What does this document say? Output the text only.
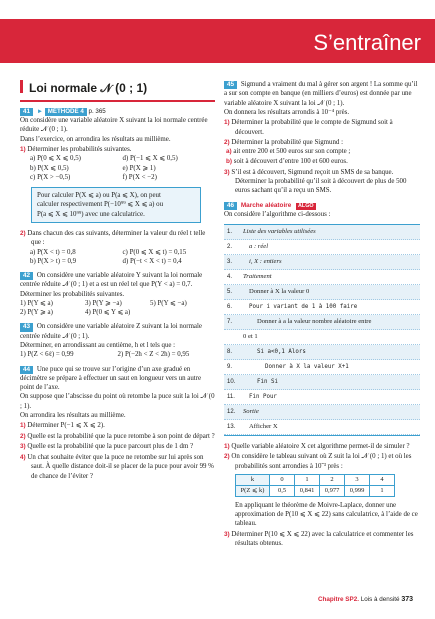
S’entraîner
Loi normale 𝒩 (0 ; 1)

41 ► MÉTHODE 4 p. 365

On considère une variable aléatoire X suivant la loi normale centrée réduite 𝒩 (0 ; 1).

Dans l’exercice, on arrondira les résultats au millième.

1) Déterminer les probabilités suivantes.

a) P(0 ⩽ X ⩽ 0,5)	d) P(−1 ⩽ X ⩽ 0,5)
b) P(X ⩽ 0,5)	e) P(X ⩾ 1)
c) P(X > −0,5)	f) P(X < −2)

Pour calculer P(X ⩽ a) ou P(a ⩽ X), on peut

calculer respectivement P(−10⁹⁹ ⩽ X ⩽ a) ou

P(a ⩽ X ⩽ 10⁹⁹) avec une calculatrice.

2) Dans chacun des cas suivants, déterminer la valeur du réel t telle que :

a) P(X < t) = 0,8	c) P(0 ⩽ X ⩽ t) = 0,15
b) P(X > t) = 0,9	d) P(−t < X < t) = 0,4

42 On considère une variable aléatoire Y suivant la loi normale centrée réduite 𝒩 (0 ; 1) et a est un réel tel que P(Y < a) = 0,7.

Déterminer les probabilités suivantes.

1) P(Y ⩽ a)	3) P(Y ⩾ −a)	5) P(Y ⩽ −a)
2) P(Y ⩾ a)	4) P(0 ⩽ Y ⩽ a)

43 On considère une variable aléatoire Z suivant la loi normale centrée réduite 𝒩 (0 ; 1).

Déterminer, en arrondissant au centième, h et l tels que :

1) P(Z < 6ℓ) = 0,99	2) P(−2h < Z < 2h) = 0,95

44 Une puce qui se trouve sur l’origine d’un axe gradué en décimètre se prépare à effectuer un saut en longueur vers un autre point de l’axe.

On suppose que l’abscisse du point où retombe la puce suit la loi 𝒩 (0 ; 1).

On arrondira les résultats au millième.

1) Déterminer P(−1 ⩽ X ⩽ 2).

2) Quelle est la probabilité que la puce retombe à son point de départ ?

3) Quelle est la probabilité que la puce parcourt plus de 1 dm ?

4) Un chat souhaite éviter que la puce ne retombe sur lui après son saut. À quelle distance doit-il se placer de la puce pour avoir 99 % de chance de l’éviter ?

45 Sigmund a vraiment du mal à gérer son argent ! La somme qu’il a sur son compte en banque (en milliers d’euros) est donnée par une variable aléatoire X suivant la loi 𝒩 (0 ; 1).

On donnera les résultats arrondis à 10⁻⁴ près.

1) Déterminer la probabilité que le compte de Sigmund soit à découvert.

2) Déterminer la probabilité que Sigmund :

a) ait entre 200 et 500 euros sur son compte ;

b) soit à découvert d’entre 100 et 600 euros.

3) S’il est à découvert, Sigmund reçoit un SMS de sa banque.

Déterminer la probabilité qu’il soit à découvert de plus de 500 euros sachant qu’il a reçu un SMS.

46 Marche aléatoire ALGO

On considère l’algorithme ci-dessous :

1.	Liste des variables utilisées
2.	a : réel
3.	i, X : entiers
4.	Traitement
5.	Donner à X la valeur 0
6.	Pour i variant de 1 à 100 faire
7.	Donner à a la valeur nombre aléatoire entre
0 et 1
8.	Si a<0,1 Alors
9.	Donner à X la valeur X+1
10.	Fin Si
11.	Fin Pour
12.	Sortie
13.	Afficher X

1) Quelle variable aléatoire X cet algorithme permet-il de simuler ?

2) On considère le tableau suivant où Z suit la loi 𝒩 (0 ; 1) et où les probabilités sont arrondies à 10⁻³ près :

k	0	1	2	3	4
P(Z ⩽ k)	0,5	0,841	0,977	0,999	1

En appliquant le théorème de Moivre-Laplace, donner une approximation de P(10 ⩽ X ⩽ 22) sans calculatrice, à l’aide de ce tableau.

3) Déterminer P(10 ⩽ X ⩽ 22) avec la calculatrice et commenter les résultats obtenus.

Chapitre SP2. Lois à densité 373
